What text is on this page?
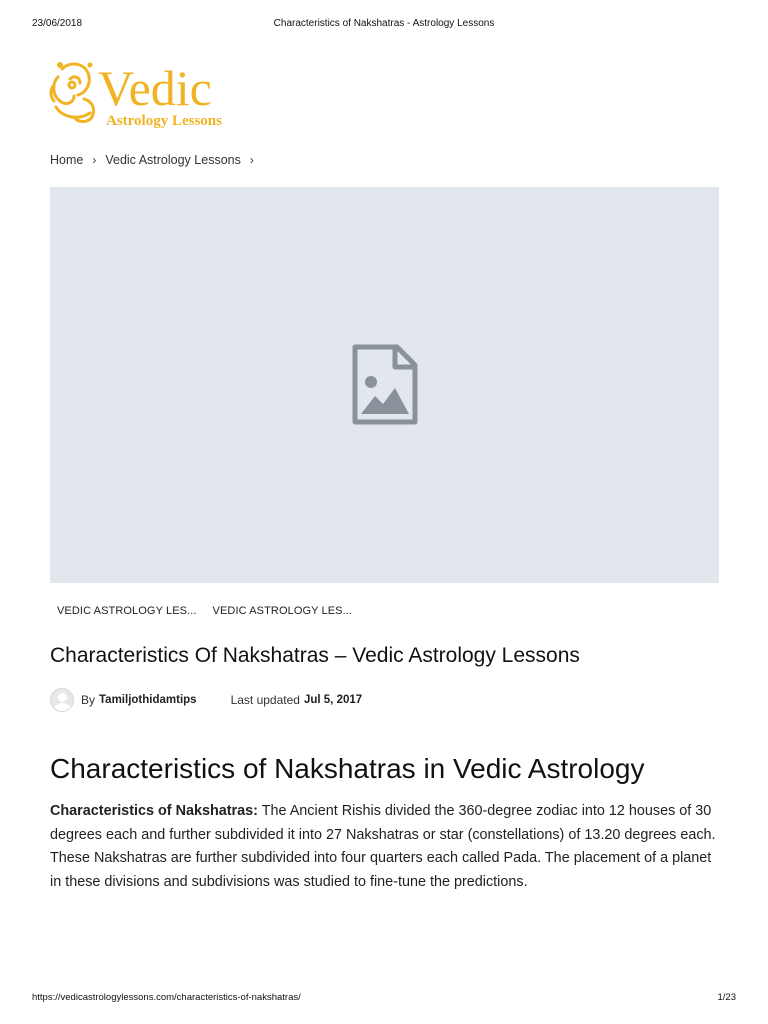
23/06/2018	Characteristics of Nakshatras - Astrology Lessons
Vedic
Astrology Lessons
Home › Vedic Astrology Lessons ›
VEDIC ASTROLOGY LES...	VEDIC ASTROLOGY LES...
Characteristics Of Nakshatras – Vedic Astrology Lessons
By Tamiljothidamtips	Last updated Jul 5, 2017
Characteristics of Nakshatras in Vedic Astrology

Characteristics of Nakshatras: The Ancient Rishis divided the 360-degree zodiac into 12 houses of 30 degrees each and further subdivided it into 27 Nakshatras or star (constellations) of 13.20 degrees each. These Nakshatras are further subdivided into four quarters each called Pada. The placement of a planet in these divisions and subdivisions was studied to fine-tune the predictions.

https://vedicastrologylessons.com/characteristics-of-nakshatras/	1/23
